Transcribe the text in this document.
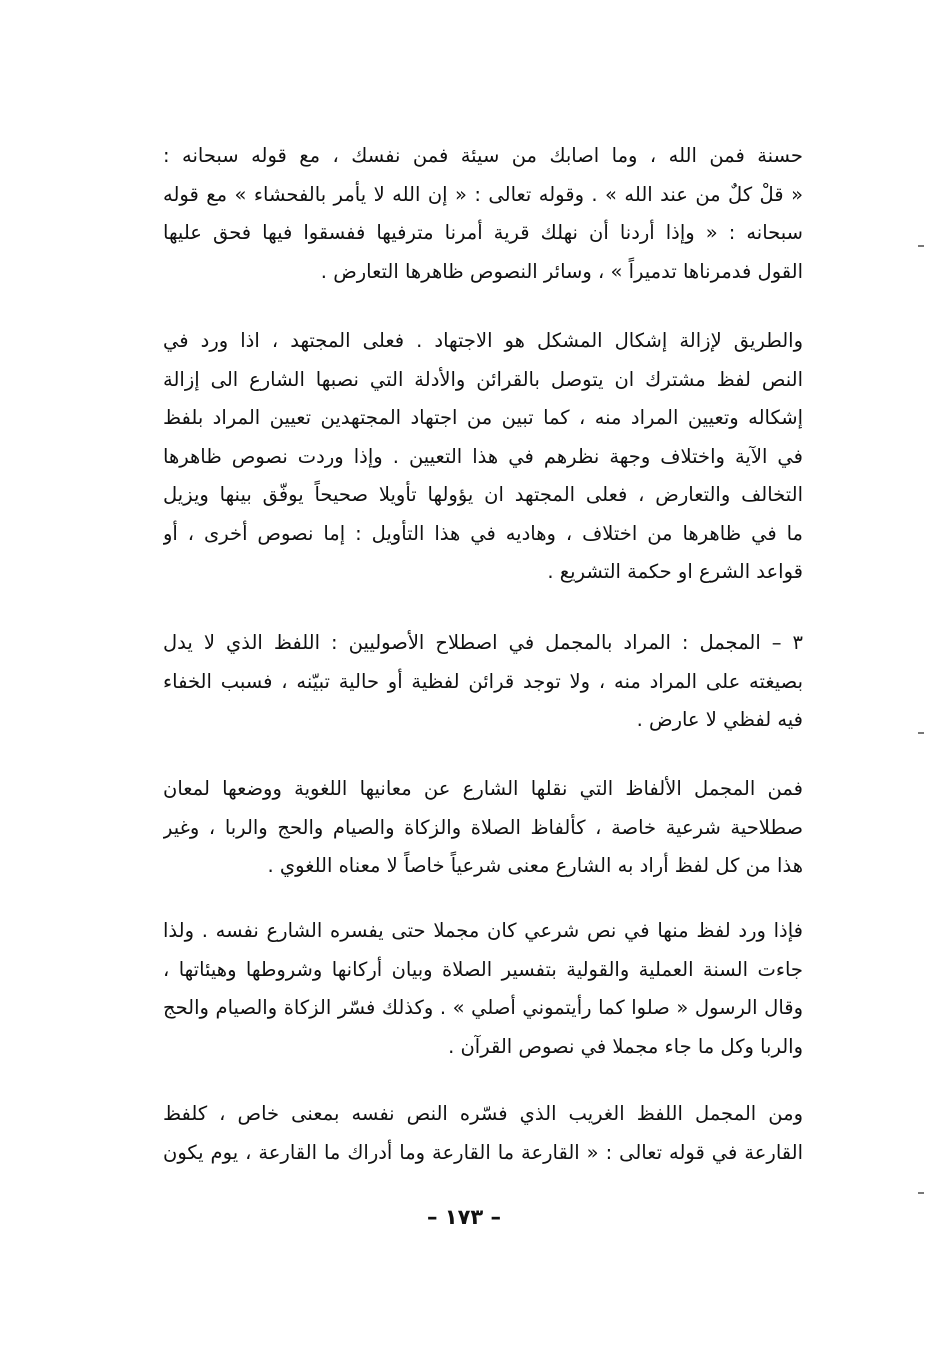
حسنة فمن الله ، وما اصابك من سيئة فمن نفسك ، مع قوله سبحانه :
« قلْ كلٌ من عند الله » . وقوله تعالى : « إن الله لا يأمر بالفحشاء » مع قوله
سبحانه : « وإذا أردنا أن نهلك قرية أمرنا مترفيها ففسقوا فيها فحق عليها
القول فدمرناها تدميراً » ، وسائر النصوص ظاهرها التعارض .
والطريق لإزالة إشكال المشكل هو الاجتهاد . فعلى المجتهد ، اذا ورد في
النص لفظ مشترك ان يتوصل بالقرائن والأدلة التي نصبها الشارع الى إزالة
إشكاله وتعيين المراد منه ، كما تبين من اجتهاد المجتهدين تعيين المراد بلفظ
في الآية واختلاف وجهة نظرهم في هذا التعيين . وإذا وردت نصوص ظاهرها
التخالف والتعارض ، فعلى المجتهد ان يؤولها تأويلا صحيحاً يوفّق بينها ويزيل
ما في ظاهرها من اختلاف ، وهاديه في هذا التأويل : إما نصوص أخرى ، أو
قواعد الشرع او حكمة التشريع .
٣ – المجمل : المراد بالمجمل في اصطلاح الأصوليين : اللفظ الذي لا يدل
بصيغته على المراد منه ، ولا توجد قرائن لفظية أو حالية تبيّنه ، فسبب الخفاء
فيه لفظي لا عارض .
فمن المجمل الألفاظ التي نقلها الشارع عن معانيها اللغوية ووضعها لمعان
صطلاحية شرعية خاصة ، كألفاظ الصلاة والزكاة والصيام والحج والربا ، وغير
هذا من كل لفظ أراد به الشارع معنى شرعياً خاصاً لا معناه اللغوي .
فإذا ورد لفظ منها في نص شرعي كان مجملا حتى يفسره الشارع نفسه . ولذا
جاءت السنة العملية والقولية بتفسير الصلاة وبيان أركانها وشروطها وهيئاتها ،
وقال الرسول « صلوا كما رأيتموني أصلي » . وكذلك فسّر الزكاة والصيام والحج
والربا وكل ما جاء مجملا في نصوص القرآن .
ومن المجمل اللفظ الغريب الذي فسّره النص نفسه بمعنى خاص ، كلفظ
القارعة في قوله تعالى : « القارعة ما القارعة وما أدراك ما القارعة ، يوم يكون
– ١٧٣ –
